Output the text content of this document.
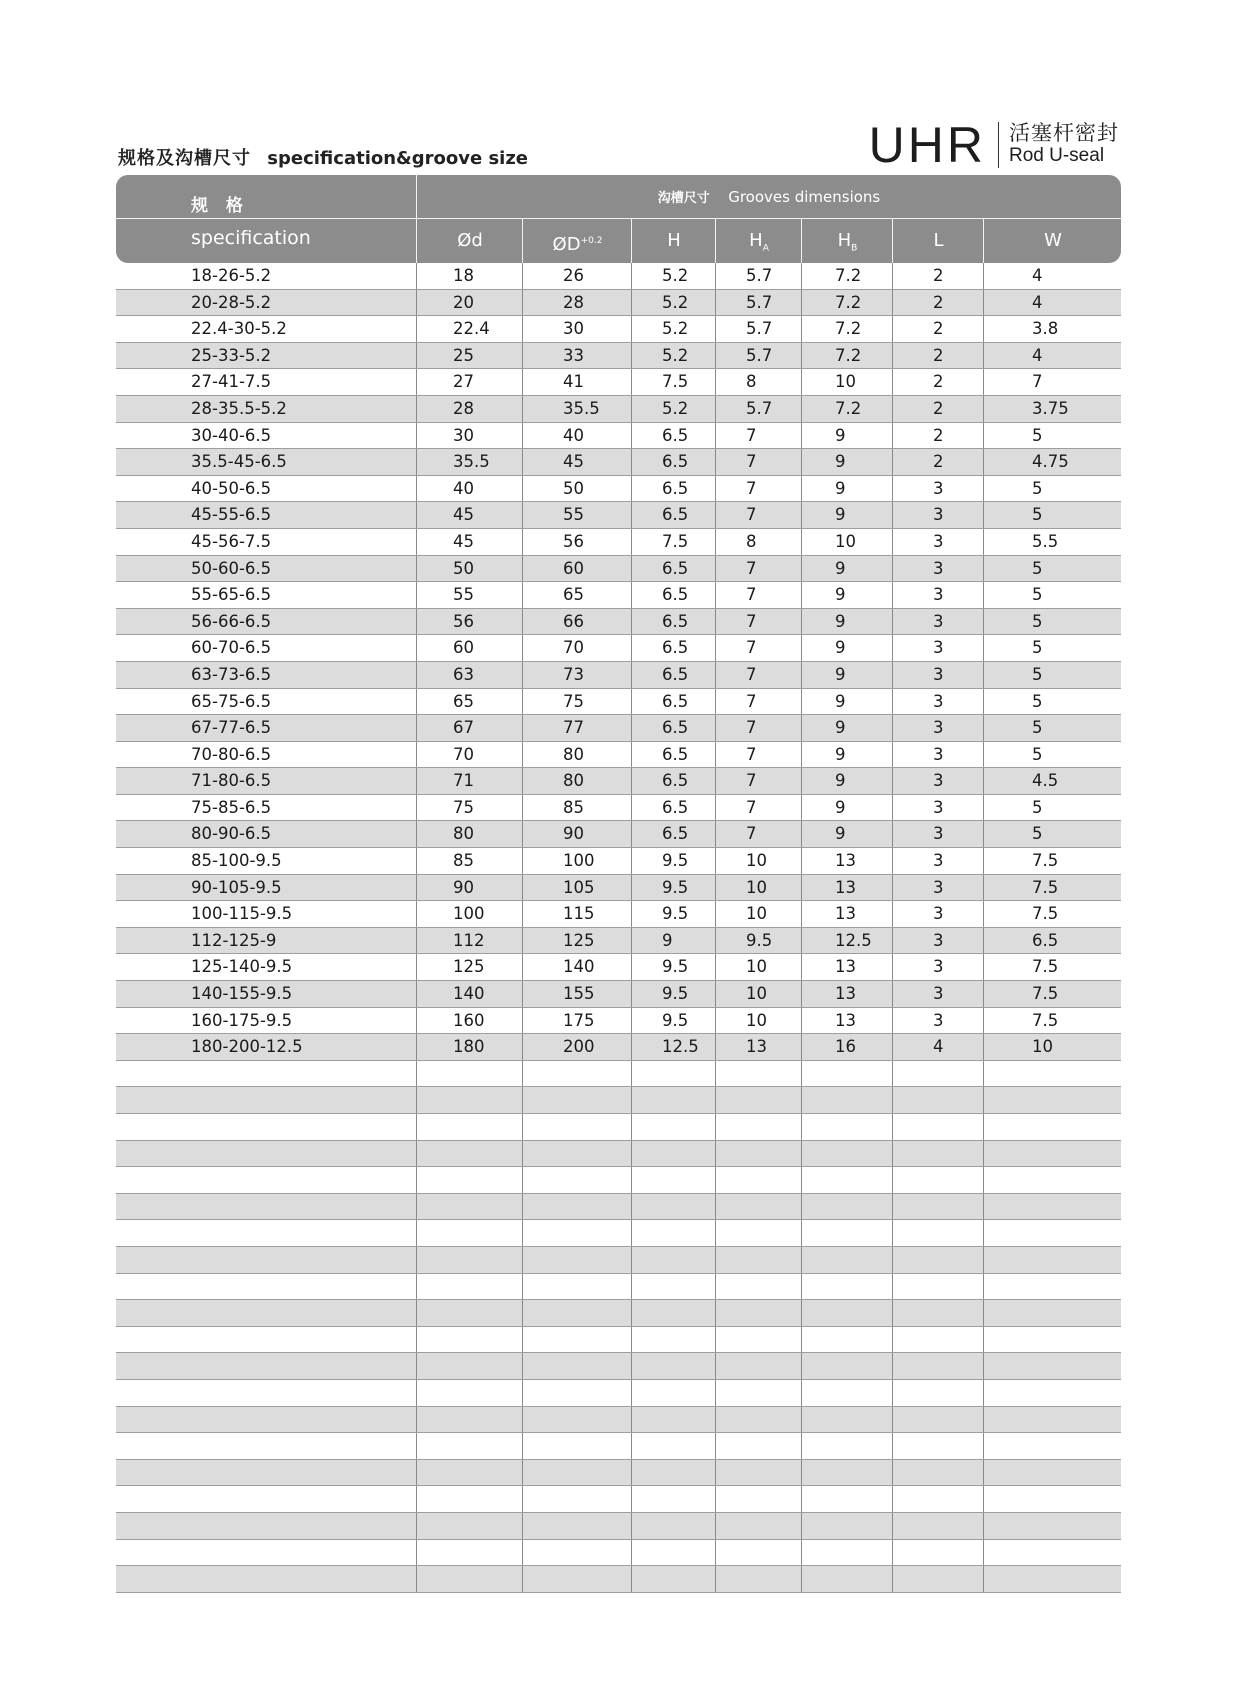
规格及沟槽尺寸 specification&groove size	UHR 活塞杆密封
Rod U-seal
规 格
specification
沟槽尺寸 Grooves dimensions
Ød	$ØD^{+0.2}$	H	$H_A$	$H_B$	L	W
18-26-5.2	18	26	5.2	5.7	7.2	2	4
20-28-5.2	20	28	5.2	5.7	7.2	2	4
22.4-30-5.2	22.4	30	5.2	5.7	7.2	2	3.8
25-33-5.2	25	33	5.2	5.7	7.2	2	4
27-41-7.5	27	41	7.5	8	10	2	7
28-35.5-5.2	28	35.5	5.2	5.7	7.2	2	3.75
30-40-6.5	30	40	6.5	7	9	2	5
35.5-45-6.5	35.5	45	6.5	7	9	2	4.75
40-50-6.5	40	50	6.5	7	9	3	5
45-55-6.5	45	55	6.5	7	9	3	5
45-56-7.5	45	56	7.5	8	10	3	5.5
50-60-6.5	50	60	6.5	7	9	3	5
55-65-6.5	55	65	6.5	7	9	3	5
56-66-6.5	56	66	6.5	7	9	3	5
60-70-6.5	60	70	6.5	7	9	3	5
63-73-6.5	63	73	6.5	7	9	3	5
65-75-6.5	65	75	6.5	7	9	3	5
67-77-6.5	67	77	6.5	7	9	3	5
70-80-6.5	70	80	6.5	7	9	3	5
71-80-6.5	71	80	6.5	7	9	3	4.5
75-85-6.5	75	85	6.5	7	9	3	5
80-90-6.5	80	90	6.5	7	9	3	5
85-100-9.5	85	100	9.5	10	13	3	7.5
90-105-9.5	90	105	9.5	10	13	3	7.5
100-115-9.5	100	115	9.5	10	13	3	7.5
112-125-9	112	125	9	9.5	12.5	3	6.5
125-140-9.5	125	140	9.5	10	13	3	7.5
140-155-9.5	140	155	9.5	10	13	3	7.5
160-175-9.5	160	175	9.5	10	13	3	7.5
180-200-12.5	180	200	12.5	13	16	4	10
